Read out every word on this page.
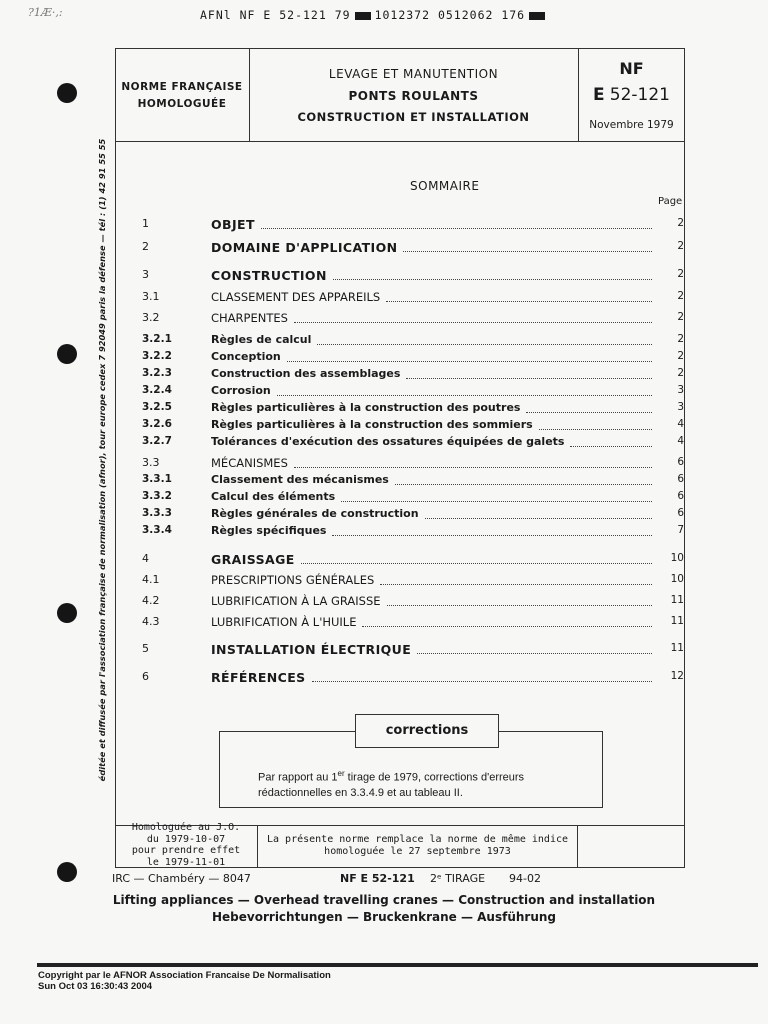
?1Æ·,:	AFNl NF E 52-121 79 1012372 0512062 176
éditée et diffusée par l'association française de normalisation (afnor), tour europe cedex 7 92049 paris la défense — tél : (1) 42 91 55 55
NORME FRANÇAISE
HOMOLOGUÉE
LEVAGE ET MANUTENTION
PONTS ROULANTS
CONSTRUCTION ET INSTALLATION
NF
E 52-121
Novembre 1979
SOMMAIRE
Page
1	OBJET	2
2	DOMAINE D'APPLICATION	2
3	CONSTRUCTION	2
3.1	CLASSEMENT DES APPAREILS	2
3.2	CHARPENTES	2
3.2.1	Règles de calcul	2
3.2.2	Conception	2
3.2.3	Construction des assemblages	2
3.2.4	Corrosion	3
3.2.5	Règles particulières à la construction des poutres	3
3.2.6	Règles particulières à la construction des sommiers	4
3.2.7	Tolérances d'exécution des ossatures équipées de galets	4
3.3	MÉCANISMES	6
3.3.1	Classement des mécanismes	6
3.3.2	Calcul des éléments	6
3.3.3	Règles générales de construction	6
3.3.4	Règles spécifiques	7
4	GRAISSAGE	10
4.1	PRESCRIPTIONS GÉNÉRALES	10
4.2	LUBRIFICATION À LA GRAISSE	11
4.3	LUBRIFICATION À L'HUILE	11
5	INSTALLATION ÉLECTRIQUE	11
6	RÉFÉRENCES	12
corrections
Par rapport au 1er tirage de 1979, corrections d'erreurs
rédactionnelles en 3.3.4.9 et au tableau II.
Homologuée au J.O.
du 1979-10-07
pour prendre effet
le 1979-11-01
La présente norme remplace la norme de même indice
homologuée le 27 septembre 1973
IRC — Chambéry — 8047	NF E 52-121 2ᵉ TIRAGE 94-02
Lifting appliances — Overhead travelling cranes — Construction and installation
Hebevorrichtungen — Bruckenkrane — Ausführung
Copyright par le AFNOR Association Francaise De Normalisation
Sun Oct 03 16:30:43 2004
